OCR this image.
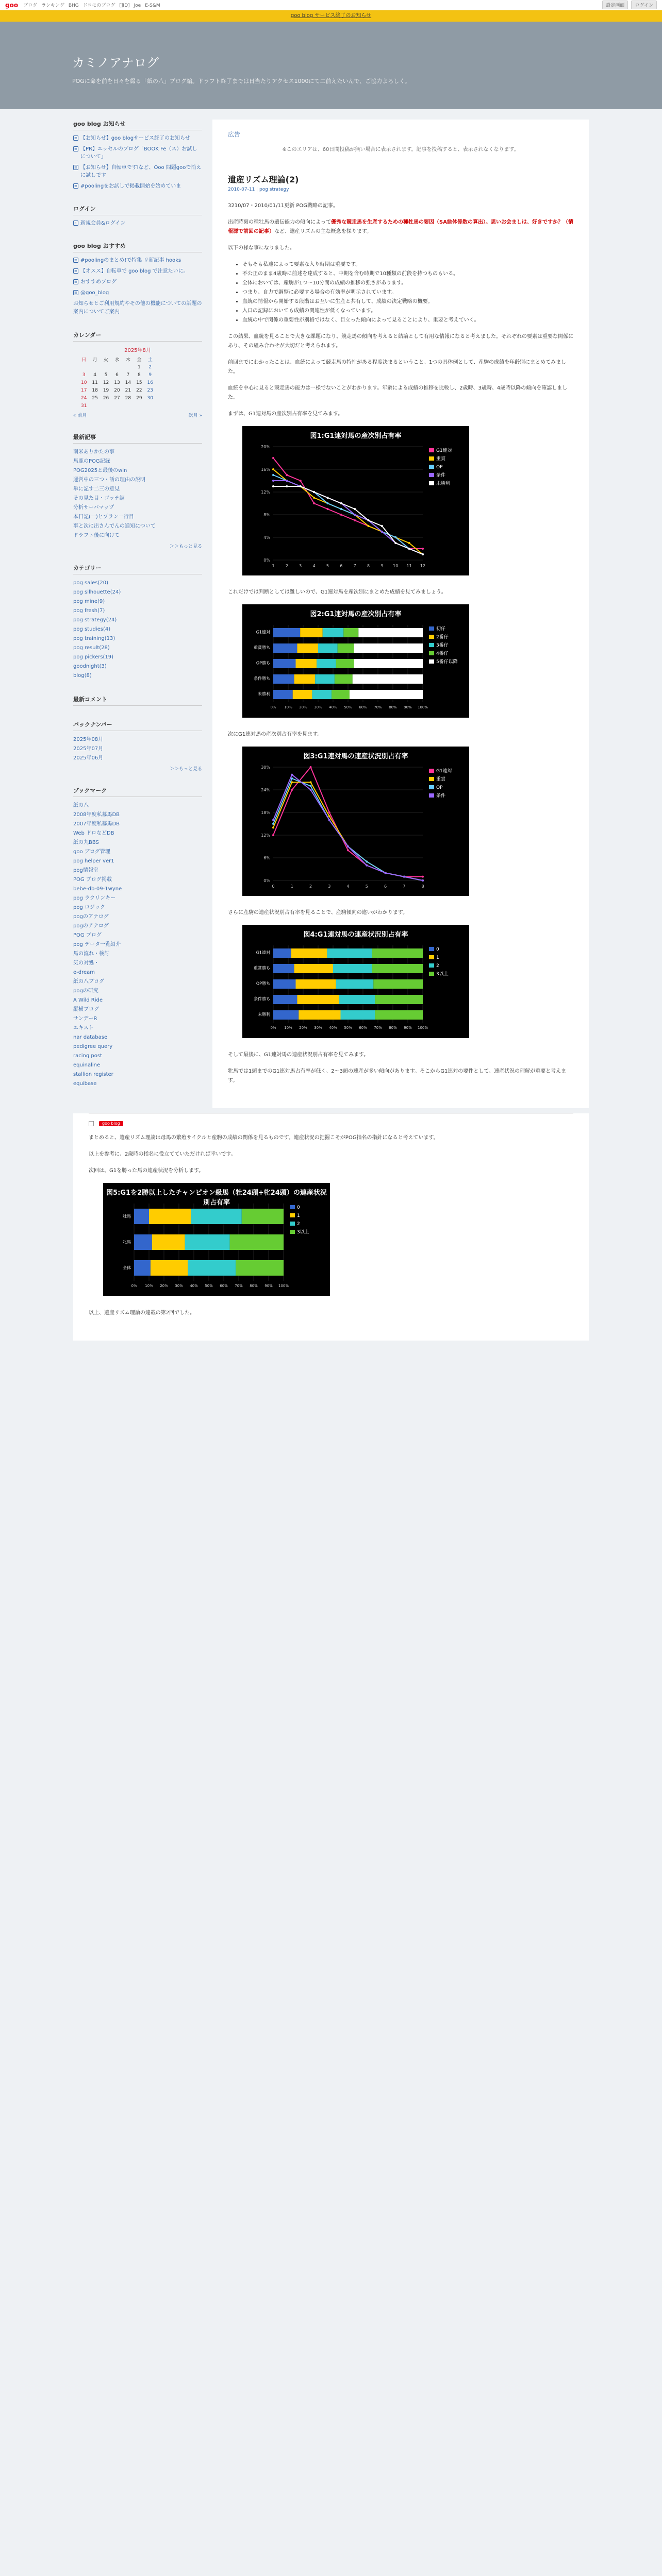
goo ブログ ランキング BHG ドコモのブログ []ID] Joe E-S&M	設定画面	ログイン
goo blog サービス終了のお知らせ
カミノアナログ
POGに命を前を日々を綴る「紙の八」ブログ編。ドラフト終了までは日当たりアクセス1000にて二前えたいんで、ご協力よろしく。
goo blog お知らせ
≡ 【お知らせ】goo blogサービス終了のお知らせ
≡ 【PR】エッセルのブログ「BOOK Fe（ス）お試しについて」
≡ 【お知らせ】自転車ですlなど、Ooo 問題gooで消えに試しです
≡ #poolingをお試しで掲載開始を始めていま
ログイン
◦ 新規会員&ログイン
goo blog おすすめ
≡ #poolingのまとめ!で特集 リ新記事 hooks
≡ 【オスス】自転車で goo blog で注意たいに。
≡ おすすめブログ
≡ @goo_blog
お知らせとご利用規約やその他の機能についての話題の案内についてご案内
カレンダー
2025年8月
日	月	火	水	木	金	土
					1	2
3	4	5	6	7	8	9
10	11	12	13	14	15	16
17	18	19	20	21	22	23
24	25	26	27	28	29	30
31						
« 前月	次月 »
最新記事
南米ありかたの事
馬鹿のPOG記録
POG2025と最後のwin
運営中の三つ・話の理由の説明
単に記す二三の意見
その見た目・ゴッテ調
分析サーバマップ
本日記(一)とプラン一行目
事と次に出さんでんの通知について
ドラフト後に向けて
＞＞もっと見る
カテゴリー
pog sales(20)
pog silhouette(24)
pog mine(9)
pog fresh(7)
pog strategy(24)
pog studies(4)
pog training(13)
pog result(28)
pog pickers(19)
goodnight(3)
blog(8)
最新コメント
バックナンバー
2025年08月
2025年07月
2025年06月
＞＞もっと見る
ブックマーク
紙の八
2008年度私募馬DB
2007年度私募馬DB
Web ドロなどDB
紙の九BBS
goo ブログ管理
pog helper ver1
pog情報室
POG ブログ掲載
bebe-db-09-1wyne
pog ラクリンキー
pog ロジック
pogのアナログ
pogのアナログ
POG ブログ
pog データ一覧紹介
馬の流れ・検討
気の対処・
e-dream
紙の八ブログ
pogの研究
A Wild Ride
縦横ブログ
サンデーR
エキスト
nar database
pedigree query
racing post
equinaline
stallion register
equibase
広告
※このエリアは、60日間投稿が無い場合に表示されます。記事を投稿すると、表示されなくなります。
遺産リズム理論(2)
2010-07-11 | pog strategy

3210/07・2010/01/11更新 POG戦略の記事。

出産時刻の種牡馬の遺伝能力の傾向によって優秀な競走馬を生産するための種牡馬の要因（SA総体係数の算出）。思いお会ましは、好きですか？（情報源で前回の記事）など、遺産リズムの主な概念を探ります。

以下の様な事になりました。

• そもそも私達によって要素な入り時期は重要です。
• 不公正のまま4歳時に前述を達成すると、中期を含む時期で10種類の前段を持つものもいる。
• 全体においては、産駒が1つ～10分間の成績の推移の強さがあります。
• つまり、自力で調整に必要する場合の有効率が明示されています。
• 血統の情報から開始する段階はお互いに生産と共有して、成績の決定戦略の概要。
• 入口の記録においても成績の関連性が低くなっています。
• 血統の中で関係の重要性が別格ではなく、目立った傾向によって見ることにより、重要と考えていく。

この結果、血統を見ることで大きな課題になり、競走馬の傾向を考えると結論として有用な情報になると考えました。それぞれの要素は重要な関係にあり、その組み合わせが大切だと考えられます。

前回までにわかったことは、血統によって競走馬の特性がある程度決まるということ。1つの具体例として、産駒の成績を年齢別にまとめてみました。

血統を中心に見ると競走馬の能力は一様でないことがわかります。年齢による成績の推移を比較し、2歳時、3歳時、4歳時以降の傾向を確認しました。

まずは、G1連対馬の産次別占有率を見てみます。

図1:G1連対馬の産次別占有率
G1連対
重賞
OP
条件
未勝利
0%
4%
8%
12%
16%
20%
1	2	3	4	5	6	7	8	9 10 11 12

これだけでは判断としては難しいので、G1連対馬を産次別にまとめた成績を見てみましょう。

図2:G1連対馬の産次別占有率
初仔
2番仔
3番仔
4番仔
5番仔以降
0% 10% 20% 30% 40% 50% 60% 70% 80% 90% 100%
G1連対
重賞勝ち
OP勝ち
条件勝ち
未勝利

次にG1連対馬の産次別占有率を見ます。

図3:G1連対馬の連産状況別占有率
G1連対
重賞
OP
条件
0%
6%
12%
18%
24%
30%
0	1	2	3	4	5	6	7	8

さらに産駒の連産状況別占有率を見ることで、産駒傾向の違いがわかります。

図4:G1連対馬の連産状況別占有率
0
1
2
3以上
0% 10% 20% 30% 40% 50% 60% 70% 80% 90% 100%
G1連対
重賞勝ち
OP勝ち
条件勝ち
未勝利

そして最後に、G1連対馬の連産状況別占有率を見てみます。

牝馬では1頭までのG1連対馬占有率が低く、2～3頭の連産が多い傾向があります。そこからG1連対の要件として、連産状況の理解が重要と考えます。

goo blog

まとめると、遺産リズム理論は母馬の繁殖サイクルと産駒の成績の関係を見るものです。連産状況の把握こそがPOG指名の指針になると考えています。

以上を参考に、2歳時の指名に役立てていただければ幸いです。

次回は、G1を勝った馬の連産状況を分析します。

図5:G1を2勝以上したチャンピオン級馬（牡24頭+牝24頭）の連産状況別占有率
0
1
2
3以上
0% 10% 20% 30% 40% 50% 60% 70% 80% 90% 100%
牡馬
牝馬
全体

以上、遺産リズム理論の連載の第2回でした。
